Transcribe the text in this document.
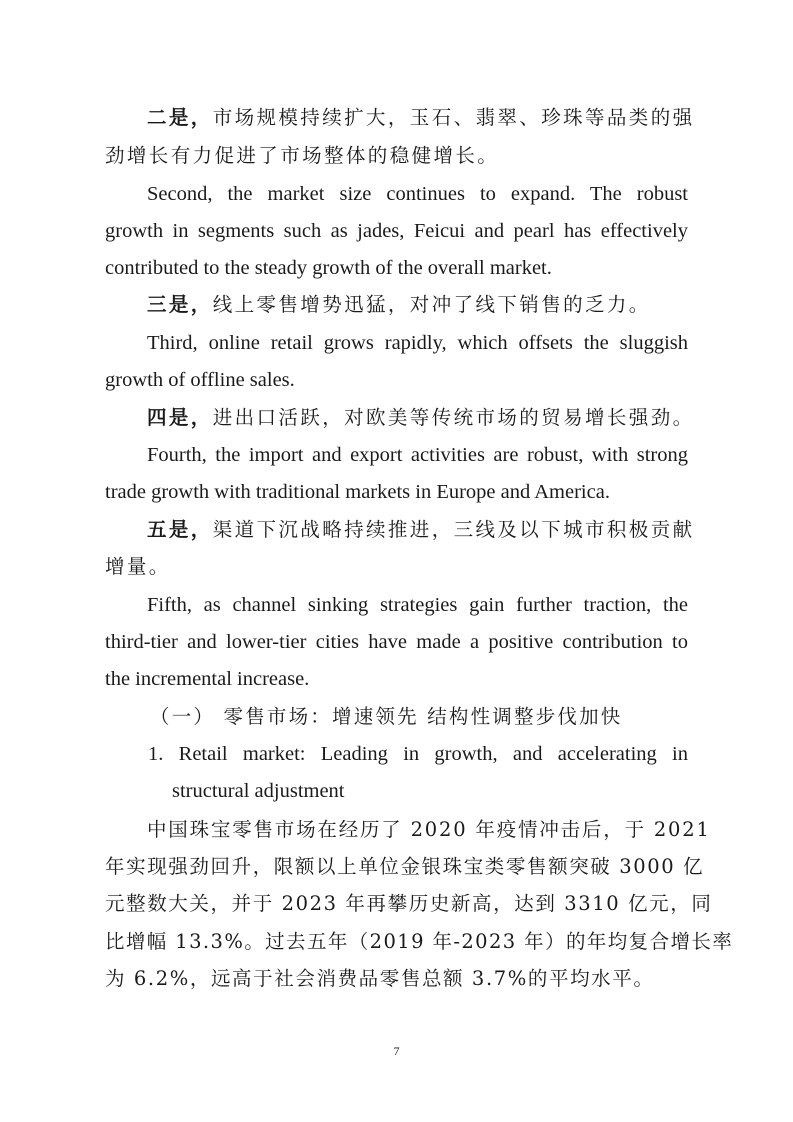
二是，市场规模持续扩大，玉石、翡翠、珍珠等品类的强
劲增长有力促进了市场整体的稳健增长。
Second, the market size continues to expand. The robust
growth in segments such as jades, Feicui and pearl has effectively
contributed to the steady growth of the overall market.
三是，线上零售增势迅猛，对冲了线下销售的乏力。
Third, online retail grows rapidly, which offsets the sluggish
growth of offline sales.
四是，进出口活跃，对欧美等传统市场的贸易增长强劲。
Fourth, the import and export activities are robust, with strong
trade growth with traditional markets in Europe and America.
五是，渠道下沉战略持续推进，三线及以下城市积极贡献
增量。
Fifth, as channel sinking strategies gain further traction, the
third-tier and lower-tier cities have made a positive contribution to
the incremental increase.
（一） 零售市场：增速领先 结构性调整步伐加快
1. Retail market: Leading in growth, and accelerating in
structural adjustment
中国珠宝零售市场在经历了 2020 年疫情冲击后，于 2021
年实现强劲回升，限额以上单位金银珠宝类零售额突破 3000 亿
元整数大关，并于 2023 年再攀历史新高，达到 3310 亿元，同
比增幅 13.3%。过去五年（2019 年-2023 年）的年均复合增长率
为 6.2%，远高于社会消费品零售总额 3.7%的平均水平。
7
